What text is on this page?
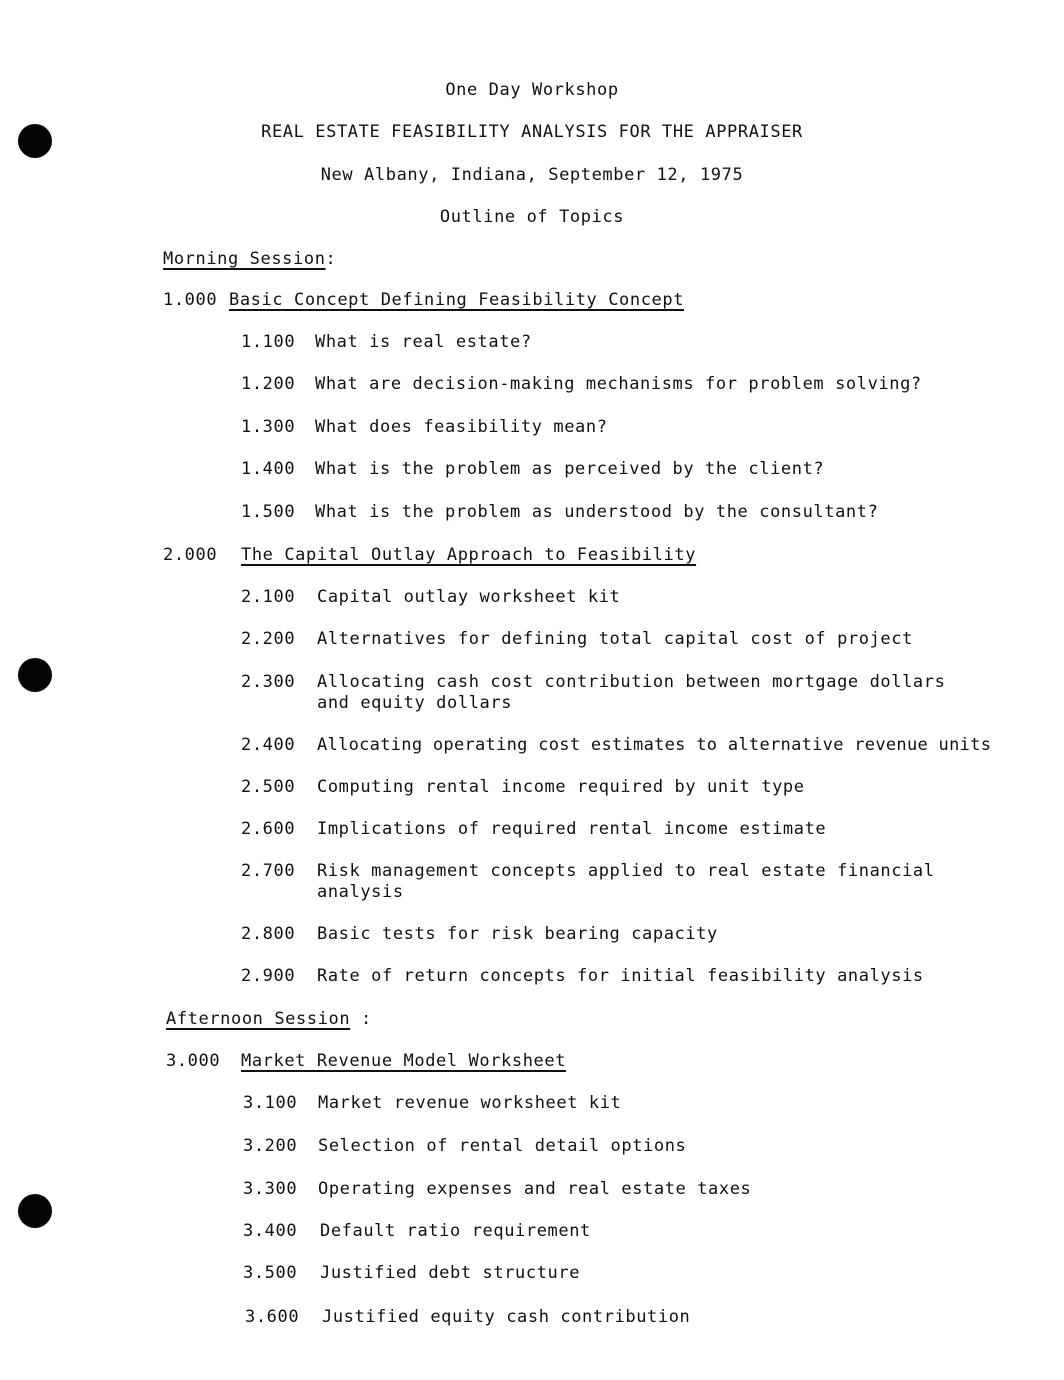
One Day Workshop
REAL ESTATE FEASIBILITY ANALYSIS FOR THE APPRAISER
New Albany, Indiana, September 12, 1975
Outline of Topics
Morning Session:
1.000 Basic Concept Defining Feasibility Concept
1.100 What is real estate?
1.200 What are decision-making mechanisms for problem solving?
1.300 What does feasibility mean?
1.400 What is the problem as perceived by the client?
1.500 What is the problem as understood by the consultant?
2.000 The Capital Outlay Approach to Feasibility
2.100 Capital outlay worksheet kit
2.200 Alternatives for defining total capital cost of project
2.300 Allocating cash cost contribution between mortgage dollars
and equity dollars
2.400 Allocating operating cost estimates to alternative revenue units
2.500 Computing rental income required by unit type
2.600 Implications of required rental income estimate
2.700 Risk management concepts applied to real estate financial
analysis
2.800 Basic tests for risk bearing capacity
2.900 Rate of return concepts for initial feasibility analysis
Afternoon Session :
3.000 Market Revenue Model Worksheet
3.100 Market revenue worksheet kit
3.200 Selection of rental detail options
3.300 Operating expenses and real estate taxes
3.400 Default ratio requirement
3.500 Justified debt structure
3.600 Justified equity cash contribution
